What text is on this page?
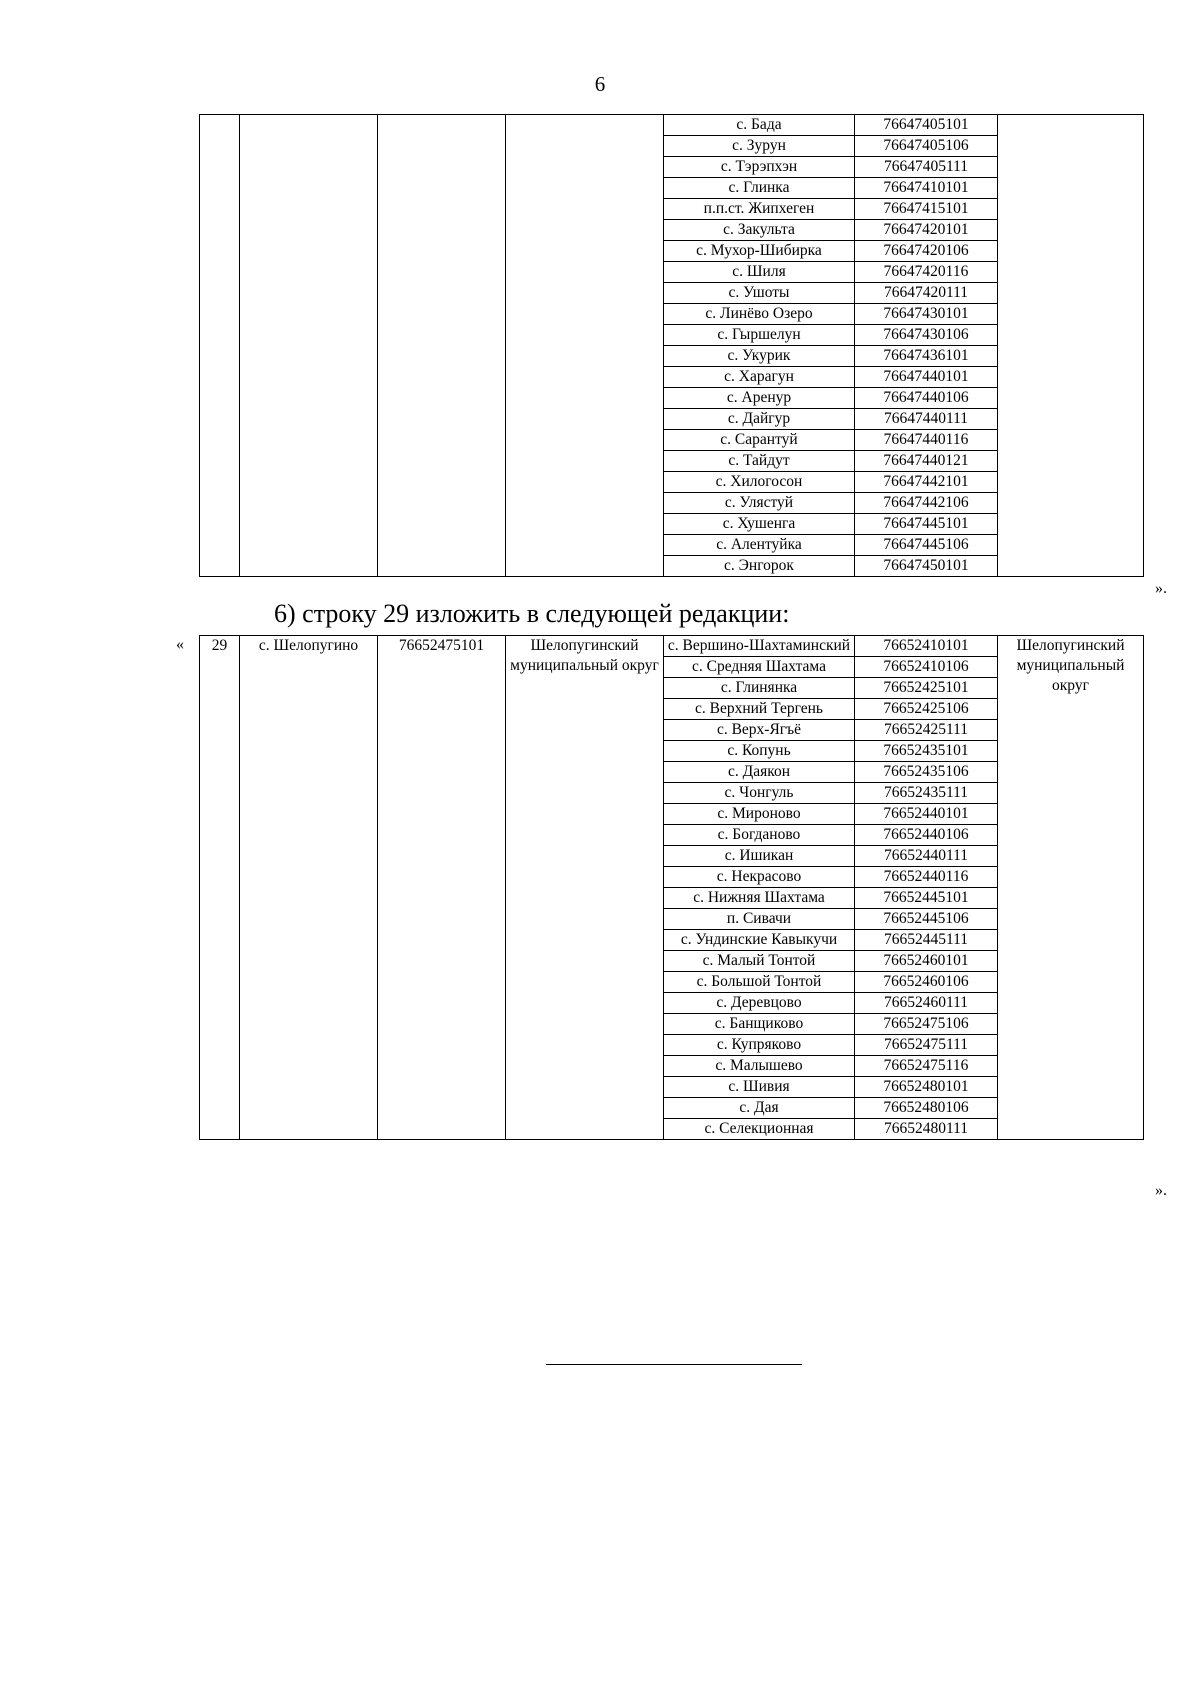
6
				с. Бада	76647405101	
				с. Зурун	76647405106	
				с. Тэрэпхэн	76647405111	
				с. Глинка	76647410101	
				п.п.ст. Жипхеген	76647415101	
				с. Закульта	76647420101	
				с. Мухор-Шибирка	76647420106	
				с. Шиля	76647420116	
				с. Ушоты	76647420111	
				с. Линёво Озеро	76647430101	
				с. Гыршелун	76647430106	
				с. Укурик	76647436101	
				с. Харагун	76647440101	
				с. Аренур	76647440106	
				с. Дайгур	76647440111	
				с. Сарантуй	76647440116	
				с. Тайдут	76647440121	
				с. Хилогосон	76647442101	
				с. Улястуй	76647442106	
				с. Хушенга	76647445101	
				с. Алентуйка	76647445106	
				с. Энгорок	76647450101	
6) строку 29 изложить в следующей редакции:
».
« 29	с. Шелопугино	76652475101	Шелопугинский муниципальный округ	с. Вершино-Шахтаминский	76652410101	Шелопугинский муниципальный округ
				с. Средняя Шахтама	76652410106	
				с. Глинянка	76652425101	
				с. Верхний Тергень	76652425106	
				с. Верх-Ягъё	76652425111	
				с. Копунь	76652435101	
				с. Даякон	76652435106	
				с. Чонгуль	76652435111	
				с. Мироново	76652440101	
				с. Богданово	76652440106	
				с. Ишикан	76652440111	
				с. Некрасово	76652440116	
				с. Нижняя Шахтама	76652445101	
				п. Сивачи	76652445106	
				с. Ундинские Кавыкучи	76652445111	
				с. Малый Тонтой	76652460101	
				с. Большой Тонтой	76652460106	
				с. Деревцово	76652460111	
				с. Банщиково	76652475106	
				с. Купряково	76652475111	
				с. Малышево	76652475116	
				с. Шивия	76652480101	
				с. Дая	76652480106	
				с. Селекционная	76652480111	
».
